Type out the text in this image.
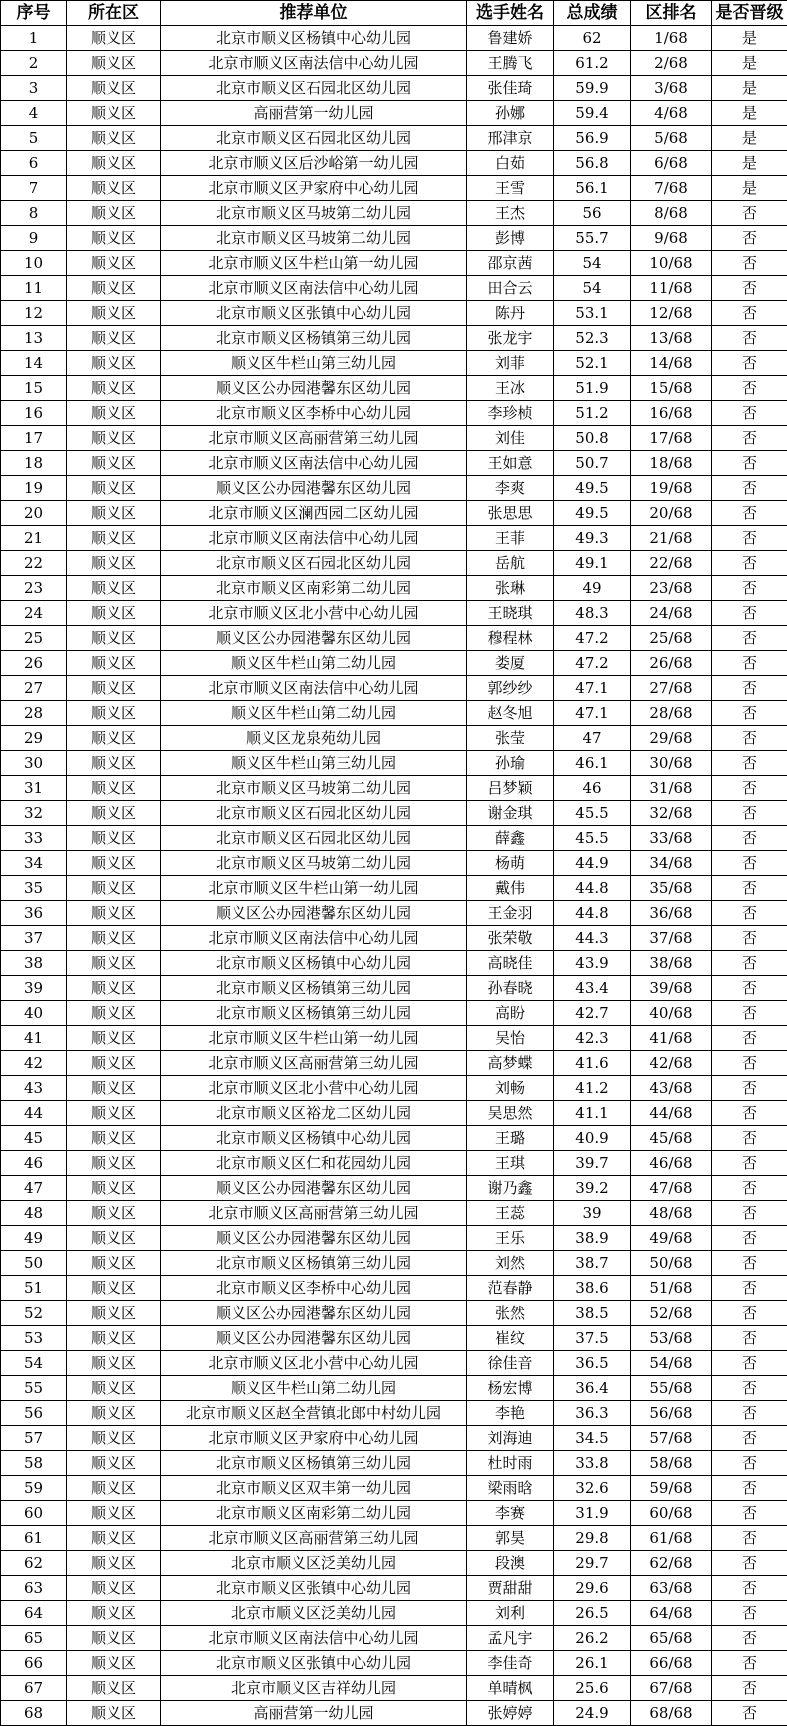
序号	所在区	推荐单位	选手姓名	总成绩	区排名	是否晋级
1	顺义区	北京市顺义区杨镇中心幼儿园	鲁建娇	62	1/68	是
2	顺义区	北京市顺义区南法信中心幼儿园	王腾飞	61.2	2/68	是
3	顺义区	北京市顺义区石园北区幼儿园	张佳琦	59.9	3/68	是
4	顺义区	高丽营第一幼儿园	孙娜	59.4	4/68	是
5	顺义区	北京市顺义区石园北区幼儿园	邢津京	56.9	5/68	是
6	顺义区	北京市顺义区后沙峪第一幼儿园	白茹	56.8	6/68	是
7	顺义区	北京市顺义区尹家府中心幼儿园	王雪	56.1	7/68	是
8	顺义区	北京市顺义区马坡第二幼儿园	王杰	56	8/68	否
9	顺义区	北京市顺义区马坡第二幼儿园	彭博	55.7	9/68	否
10	顺义区	北京市顺义区牛栏山第一幼儿园	邵京茜	54	10/68	否
11	顺义区	北京市顺义区南法信中心幼儿园	田合云	54	11/68	否
12	顺义区	北京市顺义区张镇中心幼儿园	陈丹	53.1	12/68	否
13	顺义区	北京市顺义区杨镇第三幼儿园	张龙宇	52.3	13/68	否
14	顺义区	顺义区牛栏山第三幼儿园	刘菲	52.1	14/68	否
15	顺义区	顺义区公办园港馨东区幼儿园	王冰	51.9	15/68	否
16	顺义区	北京市顺义区李桥中心幼儿园	李珍桢	51.2	16/68	否
17	顺义区	北京市顺义区高丽营第三幼儿园	刘佳	50.8	17/68	否
18	顺义区	北京市顺义区南法信中心幼儿园	王如意	50.7	18/68	否
19	顺义区	顺义区公办园港馨东区幼儿园	李爽	49.5	19/68	否
20	顺义区	北京市顺义区澜西园二区幼儿园	张思思	49.5	20/68	否
21	顺义区	北京市顺义区南法信中心幼儿园	王菲	49.3	21/68	否
22	顺义区	北京市顺义区石园北区幼儿园	岳航	49.1	22/68	否
23	顺义区	北京市顺义区南彩第二幼儿园	张琳	49	23/68	否
24	顺义区	北京市顺义区北小营中心幼儿园	王晓琪	48.3	24/68	否
25	顺义区	顺义区公办园港馨东区幼儿园	穆程林	47.2	25/68	否
26	顺义区	顺义区牛栏山第二幼儿园	娄厦	47.2	26/68	否
27	顺义区	北京市顺义区南法信中心幼儿园	郭纱纱	47.1	27/68	否
28	顺义区	顺义区牛栏山第二幼儿园	赵冬旭	47.1	28/68	否
29	顺义区	顺义区龙泉苑幼儿园	张莹	47	29/68	否
30	顺义区	顺义区牛栏山第三幼儿园	孙瑜	46.1	30/68	否
31	顺义区	北京市顺义区马坡第二幼儿园	吕梦颖	46	31/68	否
32	顺义区	北京市顺义区石园北区幼儿园	谢金琪	45.5	32/68	否
33	顺义区	北京市顺义区石园北区幼儿园	薛鑫	45.5	33/68	否
34	顺义区	北京市顺义区马坡第二幼儿园	杨萌	44.9	34/68	否
35	顺义区	北京市顺义区牛栏山第一幼儿园	戴伟	44.8	35/68	否
36	顺义区	顺义区公办园港馨东区幼儿园	王金羽	44.8	36/68	否
37	顺义区	北京市顺义区南法信中心幼儿园	张荣敬	44.3	37/68	否
38	顺义区	北京市顺义区杨镇中心幼儿园	高晓佳	43.9	38/68	否
39	顺义区	北京市顺义区杨镇第三幼儿园	孙春晓	43.4	39/68	否
40	顺义区	北京市顺义区杨镇第三幼儿园	高盼	42.7	40/68	否
41	顺义区	北京市顺义区牛栏山第一幼儿园	吴怡	42.3	41/68	否
42	顺义区	北京市顺义区高丽营第三幼儿园	高梦蝶	41.6	42/68	否
43	顺义区	北京市顺义区北小营中心幼儿园	刘畅	41.2	43/68	否
44	顺义区	北京市顺义区裕龙二区幼儿园	吴思然	41.1	44/68	否
45	顺义区	北京市顺义区杨镇中心幼儿园	王璐	40.9	45/68	否
46	顺义区	北京市顺义区仁和花园幼儿园	王琪	39.7	46/68	否
47	顺义区	顺义区公办园港馨东区幼儿园	谢乃鑫	39.2	47/68	否
48	顺义区	北京市顺义区高丽营第三幼儿园	王蕊	39	48/68	否
49	顺义区	顺义区公办园港馨东区幼儿园	王乐	38.9	49/68	否
50	顺义区	北京市顺义区杨镇第三幼儿园	刘然	38.7	50/68	否
51	顺义区	北京市顺义区李桥中心幼儿园	范春静	38.6	51/68	否
52	顺义区	顺义区公办园港馨东区幼儿园	张然	38.5	52/68	否
53	顺义区	顺义区公办园港馨东区幼儿园	崔纹	37.5	53/68	否
54	顺义区	北京市顺义区北小营中心幼儿园	徐佳音	36.5	54/68	否
55	顺义区	顺义区牛栏山第二幼儿园	杨宏博	36.4	55/68	否
56	顺义区	北京市顺义区赵全营镇北郎中村幼儿园	李艳	36.3	56/68	否
57	顺义区	北京市顺义区尹家府中心幼儿园	刘海迪	34.5	57/68	否
58	顺义区	北京市顺义区杨镇第三幼儿园	杜时雨	33.8	58/68	否
59	顺义区	北京市顺义区双丰第一幼儿园	梁雨晗	32.6	59/68	否
60	顺义区	北京市顺义区南彩第二幼儿园	李赛	31.9	60/68	否
61	顺义区	北京市顺义区高丽营第三幼儿园	郭昊	29.8	61/68	否
62	顺义区	北京市顺义区泛美幼儿园	段澳	29.7	62/68	否
63	顺义区	北京市顺义区张镇中心幼儿园	贾甜甜	29.6	63/68	否
64	顺义区	北京市顺义区泛美幼儿园	刘利	26.5	64/68	否
65	顺义区	北京市顺义区南法信中心幼儿园	孟凡宇	26.2	65/68	否
66	顺义区	北京市顺义区张镇中心幼儿园	李佳奇	26.1	66/68	否
67	顺义区	北京市顺义区吉祥幼儿园	单晴枫	25.6	67/68	否
68	顺义区	高丽营第一幼儿园	张婷婷	24.9	68/68	否
